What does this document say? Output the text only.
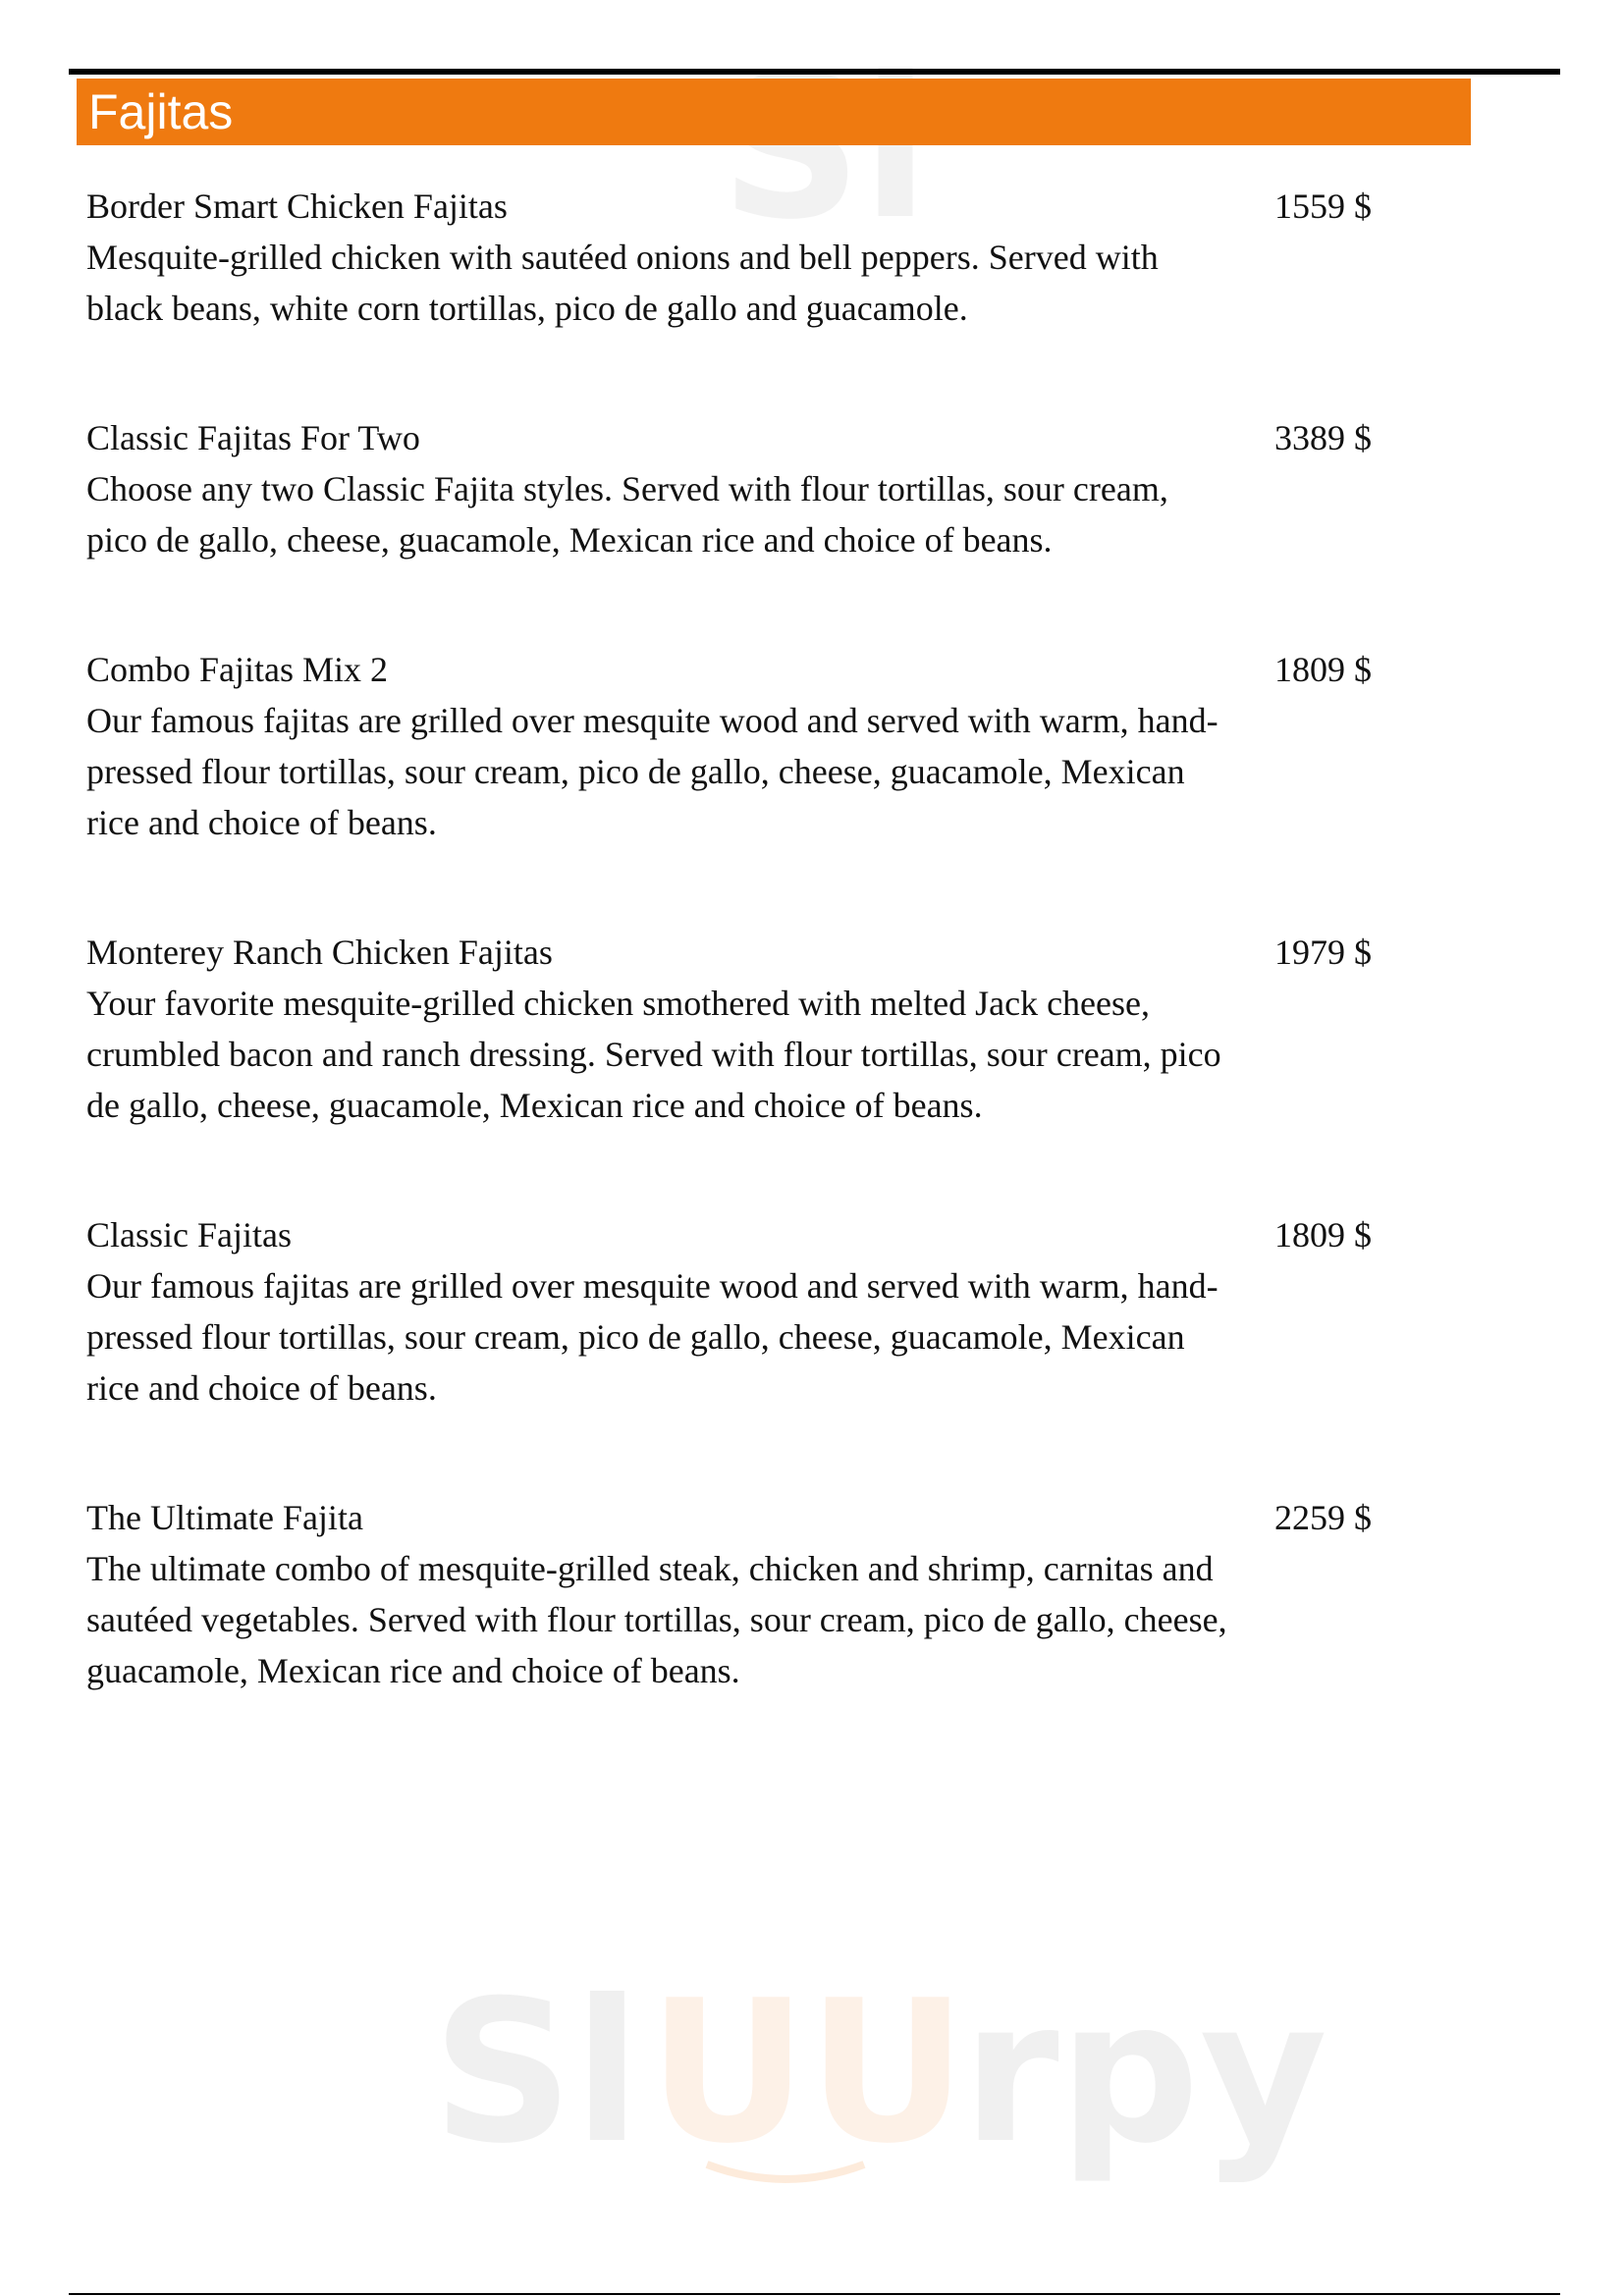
Sl
Sl UU
rpy
Fajitas
Border Smart Chicken Fajitas
Mesquite-grilled chicken with sautéed onions and bell peppers. Served with black beans, white corn tortillas, pico de gallo and guacamole.
1559 $
Classic Fajitas For Two
Choose any two Classic Fajita styles. Served with flour tortillas, sour cream, pico de gallo, cheese, guacamole, Mexican rice and choice of beans.
3389 $
Combo Fajitas Mix 2
Our famous fajitas are grilled over mesquite wood and served with warm, hand-pressed flour tortillas, sour cream, pico de gallo, cheese, guacamole, Mexican rice and choice of beans.
1809 $
Monterey Ranch Chicken Fajitas
Your favorite mesquite-grilled chicken smothered with melted Jack cheese, crumbled bacon and ranch dressing. Served with flour tortillas, sour cream, pico de gallo, cheese, guacamole, Mexican rice and choice of beans.
1979 $
Classic Fajitas
Our famous fajitas are grilled over mesquite wood and served with warm, hand-pressed flour tortillas, sour cream, pico de gallo, cheese, guacamole, Mexican rice and choice of beans.
1809 $
The Ultimate Fajita
The ultimate combo of mesquite-grilled steak, chicken and shrimp, carnitas and sautéed vegetables. Served with flour tortillas, sour cream, pico de gallo, cheese, guacamole, Mexican rice and choice of beans.
2259 $
